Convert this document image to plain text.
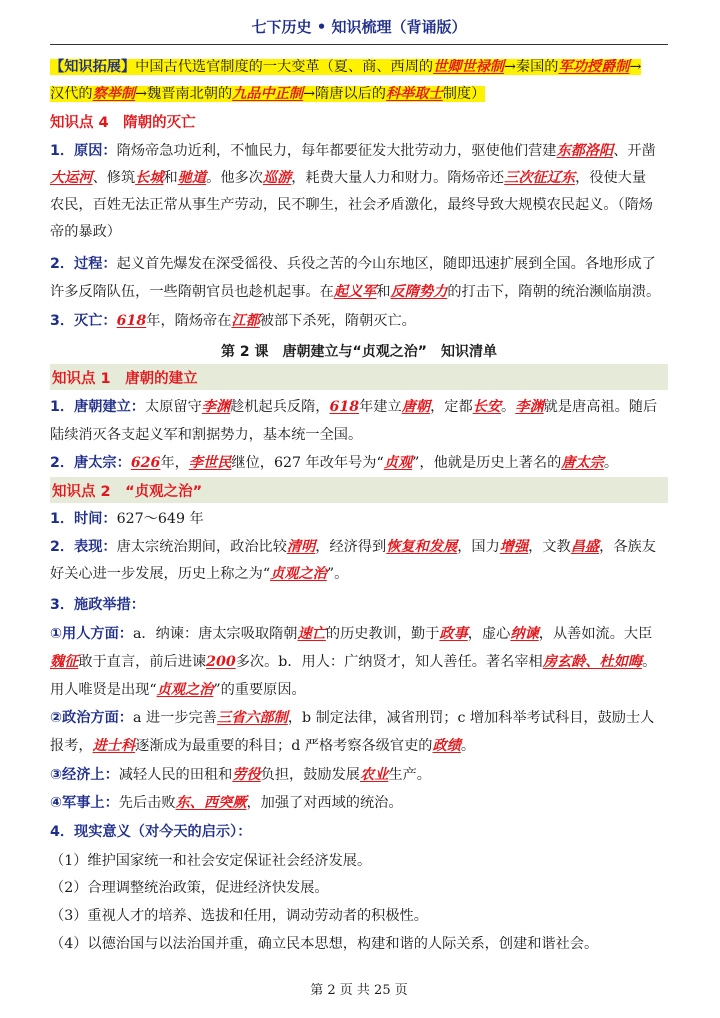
七下历史 • 知识梳理（背诵版）
【知识拓展】中国古代选官制度的一大变革（夏、商、西周的世卿世禄制→秦国的军功授爵制→
汉代的察举制→魏晋南北朝的九品中正制→隋唐以后的科举取士制度）
知识点 4　隋朝的灭亡
1．原因：隋炀帝急功近利，不恤民力，每年都要征发大批劳动力，驱使他们营建东都洛阳、开凿
大运河、修筑长城和驰道。他多次巡游，耗费大量人力和财力。隋炀帝还三次征辽东，役使大量
农民，百姓无法正常从事生产劳动，民不聊生，社会矛盾激化，最终导致大规模农民起义。（隋炀
帝的暴政）
2．过程：起义首先爆发在深受徭役、兵役之苦的今山东地区，随即迅速扩展到全国。各地形成了
许多反隋队伍，一些隋朝官员也趁机起事。在起义军和反隋势力的打击下，隋朝的统治濒临崩溃。
3．灭亡：618年，隋炀帝在江都被部下杀死，隋朝灭亡。
第 2 课　唐朝建立与“贞观之治”　知识清单
知识点 1　唐朝的建立
1．唐朝建立：太原留守李渊趁机起兵反隋，618年建立唐朝，定都长安。李渊就是唐高祖。随后
陆续消灭各支起义军和割据势力，基本统一全国。
2．唐太宗：626年，李世民继位，627 年改年号为“贞观”，他就是历史上著名的唐太宗。
知识点 2　“贞观之治”
1．时间：627～649 年
2．表现：唐太宗统治期间，政治比较清明，经济得到恢复和发展，国力增强，文教昌盛，各族友
好关心进一步发展，历史上称之为“贞观之治”。
3．施政举措：
①用人方面：a．纳谏：唐太宗吸取隋朝速亡的历史教训，勤于政事，虚心纳谏，从善如流。大臣
魏征敢于直言，前后进谏200多次。b．用人：广纳贤才，知人善任。著名宰相房玄龄、杜如晦。
用人唯贤是出现“贞观之治”的重要原因。
②政治方面：a 进一步完善三省六部制，b 制定法律，减省刑罚；c 增加科举考试科目，鼓励士人
报考，进士科逐渐成为最重要的科目；d 严格考察各级官吏的政绩。
③经济上：减轻人民的田租和劳役负担，鼓励发展农业生产。
④军事上：先后击败东、西突厥，加强了对西域的统治。
4．现实意义（对今天的启示）：
（1）维护国家统一和社会安定保证社会经济发展。
（2）合理调整统治政策，促进经济快发展。
（3）重视人才的培养、选拔和任用，调动劳动者的积极性。
（4）以德治国与以法治国并重，确立民本思想，构建和谐的人际关系，创建和谐社会。
第 2 页 共 25 页
